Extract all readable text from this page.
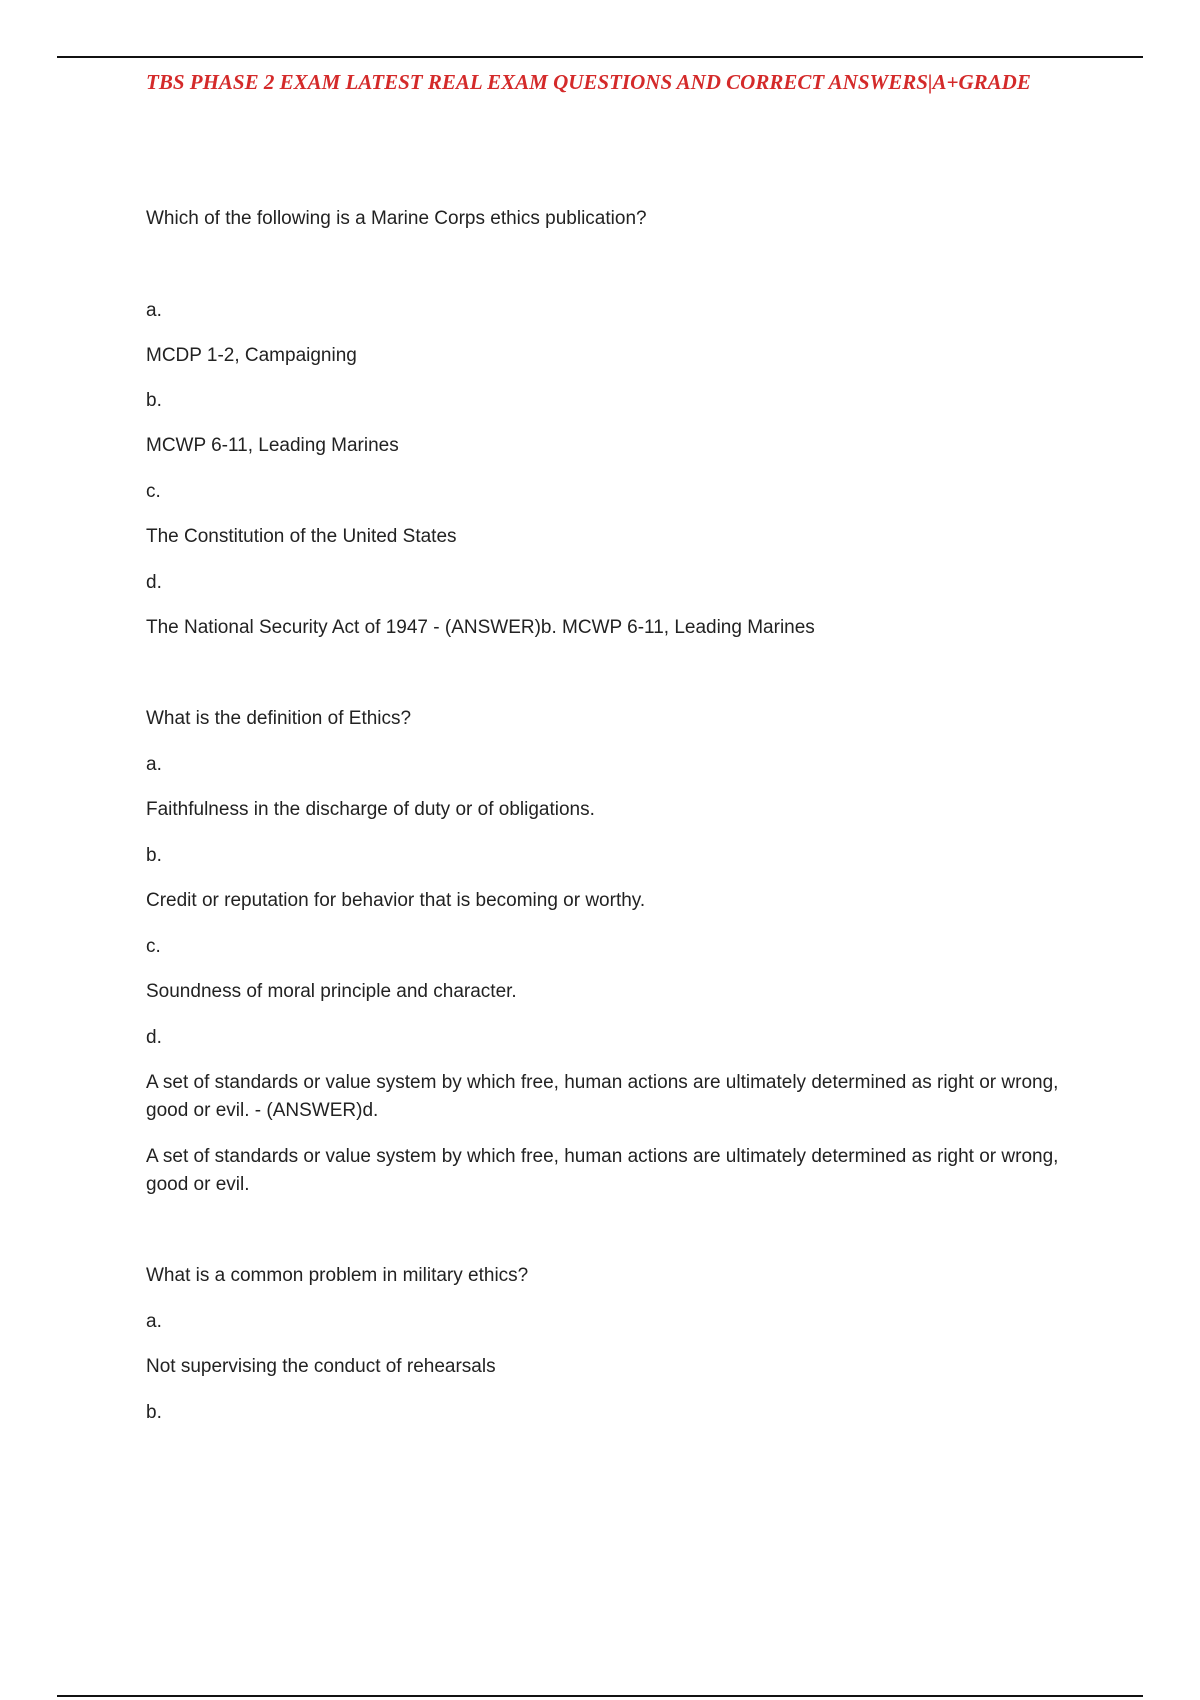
TBS PHASE 2 EXAM LATEST REAL EXAM QUESTIONS AND CORRECT ANSWERS|A+GRADE
Which of the following is a Marine Corps ethics publication?
a.
MCDP 1-2, Campaigning
b.
MCWP 6-11, Leading Marines
c.
The Constitution of the United States
d.
The National Security Act of 1947 - (ANSWER)b. MCWP 6-11, Leading Marines
What is the definition of Ethics?
a.
Faithfulness in the discharge of duty or of obligations.
b.
Credit or reputation for behavior that is becoming or worthy.
c.
Soundness of moral principle and character.
d.
A set of standards or value system by which free, human actions are ultimately determined as right or wrong, good or evil. - (ANSWER)d.
A set of standards or value system by which free, human actions are ultimately determined as right or wrong, good or evil.
What is a common problem in military ethics?
a.
Not supervising the conduct of rehearsals
b.
